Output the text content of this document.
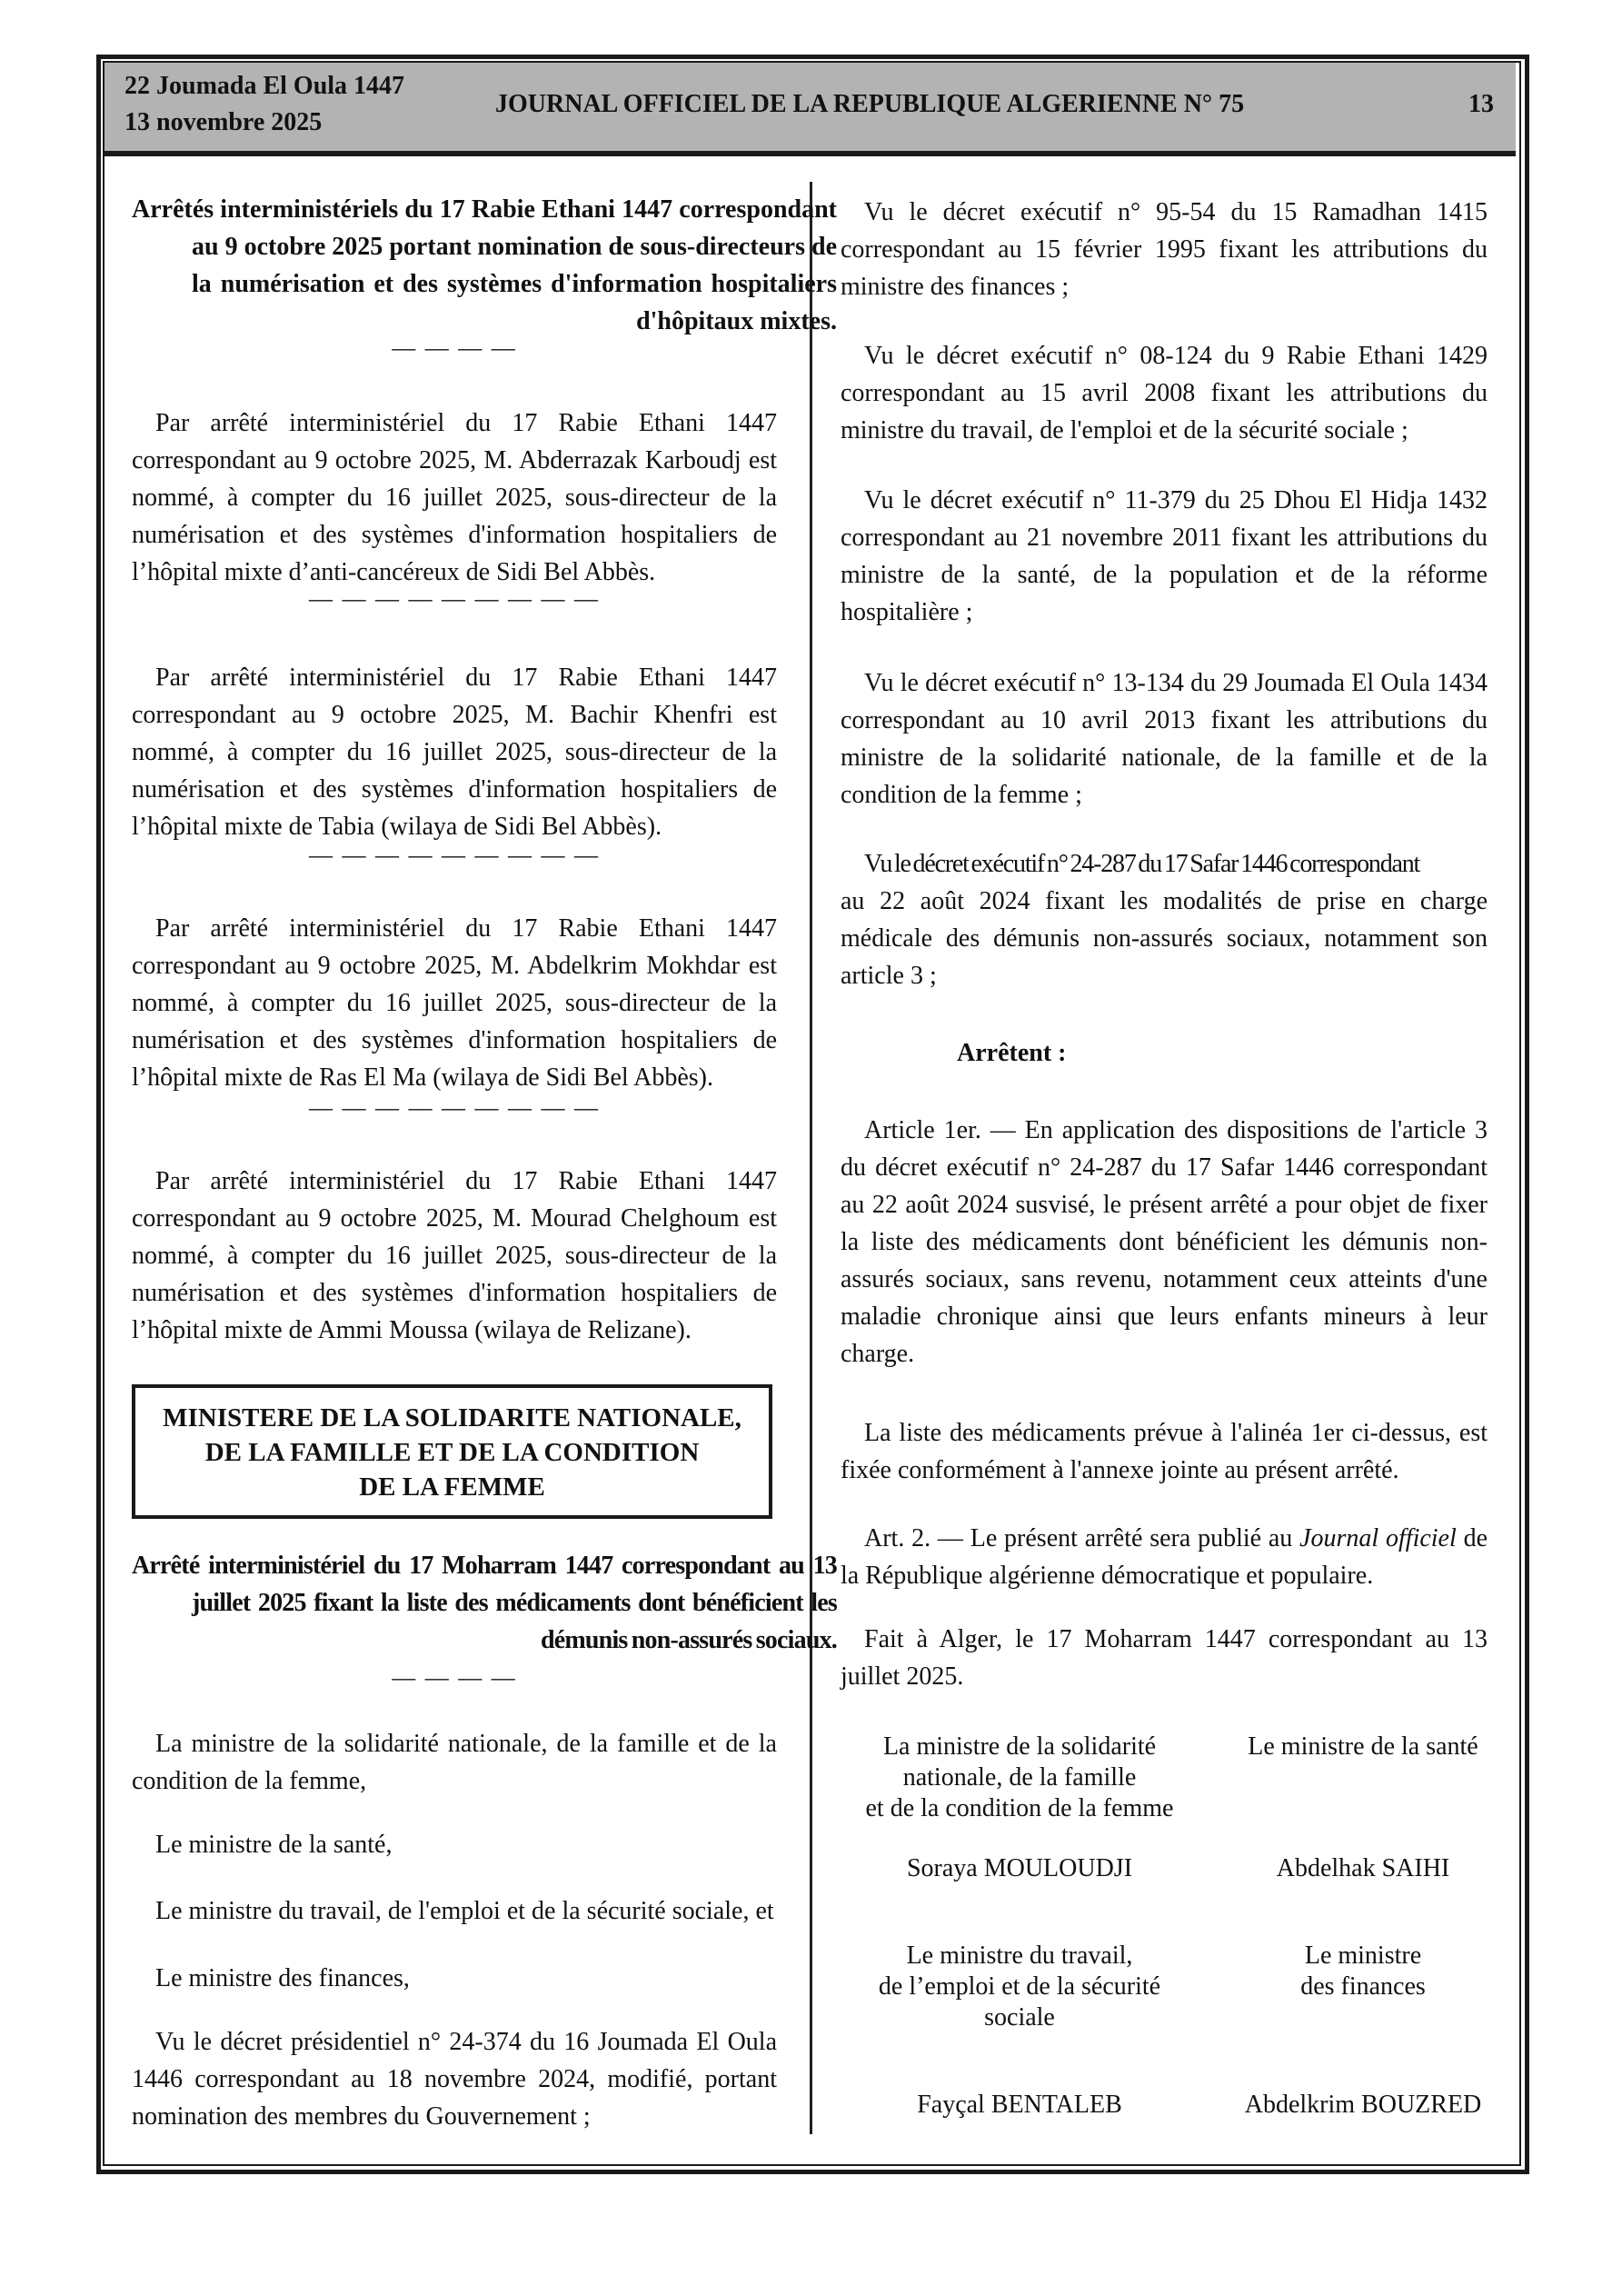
22 Joumada El Oula 1447
13 novembre 2025
JOURNAL OFFICIEL DE LA REPUBLIQUE ALGERIENNE N° 75	13
Arrêtés interministériels du 17 Rabie Ethani 1447 correspondant au 9 octobre 2025 portant nomination de sous-directeurs de la numérisation et des systèmes d'information hospitaliers d'hôpitaux mixtes.
— — — —
Par arrêté interministériel du 17 Rabie Ethani 1447 correspondant au 9 octobre 2025, M. Abderrazak Karboudj est nommé, à compter du 16 juillet 2025, sous-directeur de la numérisation et des systèmes d'information hospitaliers de l’hôpital mixte d’anti-cancéreux de Sidi Bel Abbès.
— — — — — — — — —
Par arrêté interministériel du 17 Rabie Ethani 1447 correspondant au 9 octobre 2025, M. Bachir Khenfri est nommé, à compter du 16 juillet 2025, sous-directeur de la numérisation et des systèmes d'information hospitaliers de l’hôpital mixte de Tabia (wilaya de Sidi Bel Abbès).
— — — — — — — — —
Par arrêté interministériel du 17 Rabie Ethani 1447 correspondant au 9 octobre 2025, M. Abdelkrim Mokhdar est nommé, à compter du 16 juillet 2025, sous-directeur de la numérisation et des systèmes d'information hospitaliers de l’hôpital mixte de Ras El Ma (wilaya de Sidi Bel Abbès).
— — — — — — — — —
Par arrêté interministériel du 17 Rabie Ethani 1447 correspondant au 9 octobre 2025, M. Mourad Chelghoum est nommé, à compter du 16 juillet 2025, sous-directeur de la numérisation et des systèmes d'information hospitaliers de l’hôpital mixte de Ammi Moussa (wilaya de Relizane).
MINISTERE DE LA SOLIDARITE NATIONALE,
DE LA FAMILLE ET DE LA CONDITION
DE LA FEMME
Arrêté interministériel du 17 Moharram 1447 correspondant au 13 juillet 2025 fixant la liste des médicaments dont bénéficient les démunis non-assurés sociaux.
— — — —
La ministre de la solidarité nationale, de la famille et de la condition de la femme,
Le ministre de la santé,
Le ministre du travail, de l'emploi et de la sécurité sociale, et
Le ministre des finances,
Vu le décret présidentiel n° 24-374 du 16 Joumada El Oula 1446 correspondant au 18 novembre 2024, modifié, portant nomination des membres du Gouvernement ;
Vu le décret exécutif n° 95-54 du 15 Ramadhan 1415 correspondant au 15 février 1995 fixant les attributions du ministre des finances ;
Vu le décret exécutif n° 08-124 du 9 Rabie Ethani 1429 correspondant au 15 avril 2008 fixant les attributions du ministre du travail, de l'emploi et de la sécurité sociale ;
Vu le décret exécutif n° 11-379 du 25 Dhou El Hidja 1432 correspondant au 21 novembre 2011 fixant les attributions du ministre de la santé, de la population et de la réforme hospitalière ;
Vu le décret exécutif n° 13-134 du 29 Joumada El Oula 1434 correspondant au 10 avril 2013 fixant les attributions du ministre de la solidarité nationale, de la famille et de la condition de la femme ;
Vu le décret exécutif n° 24-287 du 17 Safar 1446 correspondant
au 22 août 2024 fixant les modalités de prise en charge médicale des démunis non-assurés sociaux, notamment son article 3 ;
Arrêtent :
Article 1er. — En application des dispositions de l'article 3 du décret exécutif n° 24-287 du 17 Safar 1446 correspondant au 22 août 2024 susvisé, le présent arrêté a pour objet de fixer la liste des médicaments dont bénéficient les démunis non-assurés sociaux, sans revenu, notamment ceux atteints d'une maladie chronique ainsi que leurs enfants mineurs à leur charge.
La liste des médicaments prévue à l'alinéa 1er ci-dessus, est fixée conformément à l'annexe jointe au présent arrêté.
Art. 2. — Le présent arrêté sera publié au Journal officiel de la République algérienne démocratique et populaire.
Fait à Alger, le 17 Moharram 1447 correspondant au 13 juillet 2025.
La ministre de la solidarité
nationale, de la famille
et de la condition de la femme
Soraya MOULOUDJI
Le ministre de la santé
Abdelhak SAIHI
Le ministre du travail,
de l’emploi et de la sécurité
sociale
Fayçal BENTALEB
Le ministre
des finances
Abdelkrim BOUZRED
